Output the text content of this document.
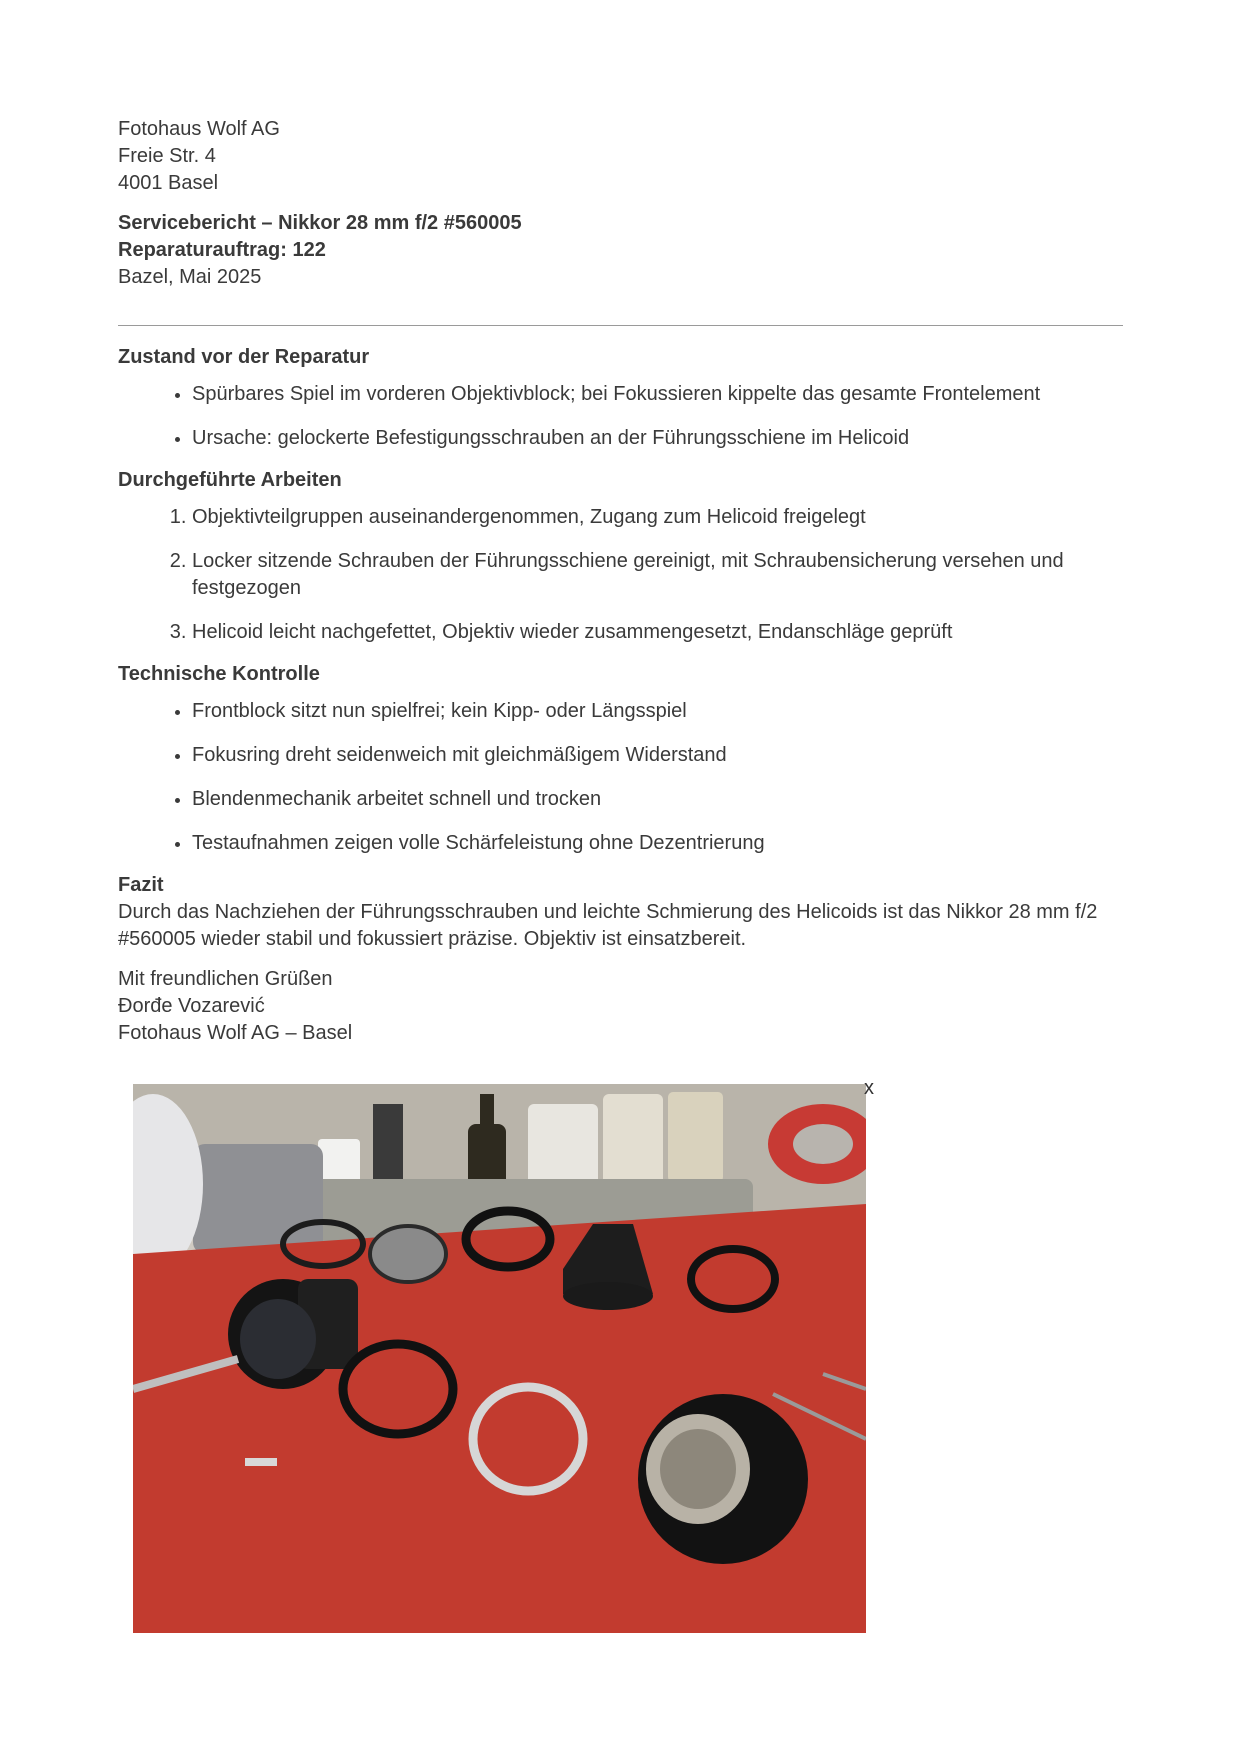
Fotohaus Wolf AG

Freie Str. 4

4001 Basel

Servicebericht – Nikkor 28 mm f/2 #560005

Reparaturauftrag: 122

Bazel, Mai 2025

Zustand vor der Reparatur
• Spürbares Spiel im vorderen Objektivblock; bei Fokussieren kippelte das gesamte Frontelement
• Ursache: gelockerte Befestigungsschrauben an der Führungsschiene im Helicoid
Durchgeführte Arbeiten
1. Objektivteilgruppen auseinandergenommen, Zugang zum Helicoid freigelegt
2. Locker sitzende Schrauben der Führungsschiene gereinigt, mit Schraubensicherung versehen und festgezogen
3. Helicoid leicht nachgefettet, Objektiv wieder zusammengesetzt, Endanschläge geprüft
Technische Kontrolle
• Frontblock sitzt nun spielfrei; kein Kipp- oder Längsspiel
• Fokusring dreht seidenweich mit gleichmäßigem Widerstand
• Blendenmechanik arbeitet schnell und trocken
• Testaufnahmen zeigen volle Schärfeleistung ohne Dezentrierung

Fazit

Durch das Nachziehen der Führungsschrauben und leichte Schmierung des Helicoids ist das Nikkor 28 mm f/2 #560005 wieder stabil und fokussiert präzise. Objektiv ist einsatzbereit.

Mit freundlichen Grüßen

Đorđe Vozarević

Fotohaus Wolf AG – Basel

x
